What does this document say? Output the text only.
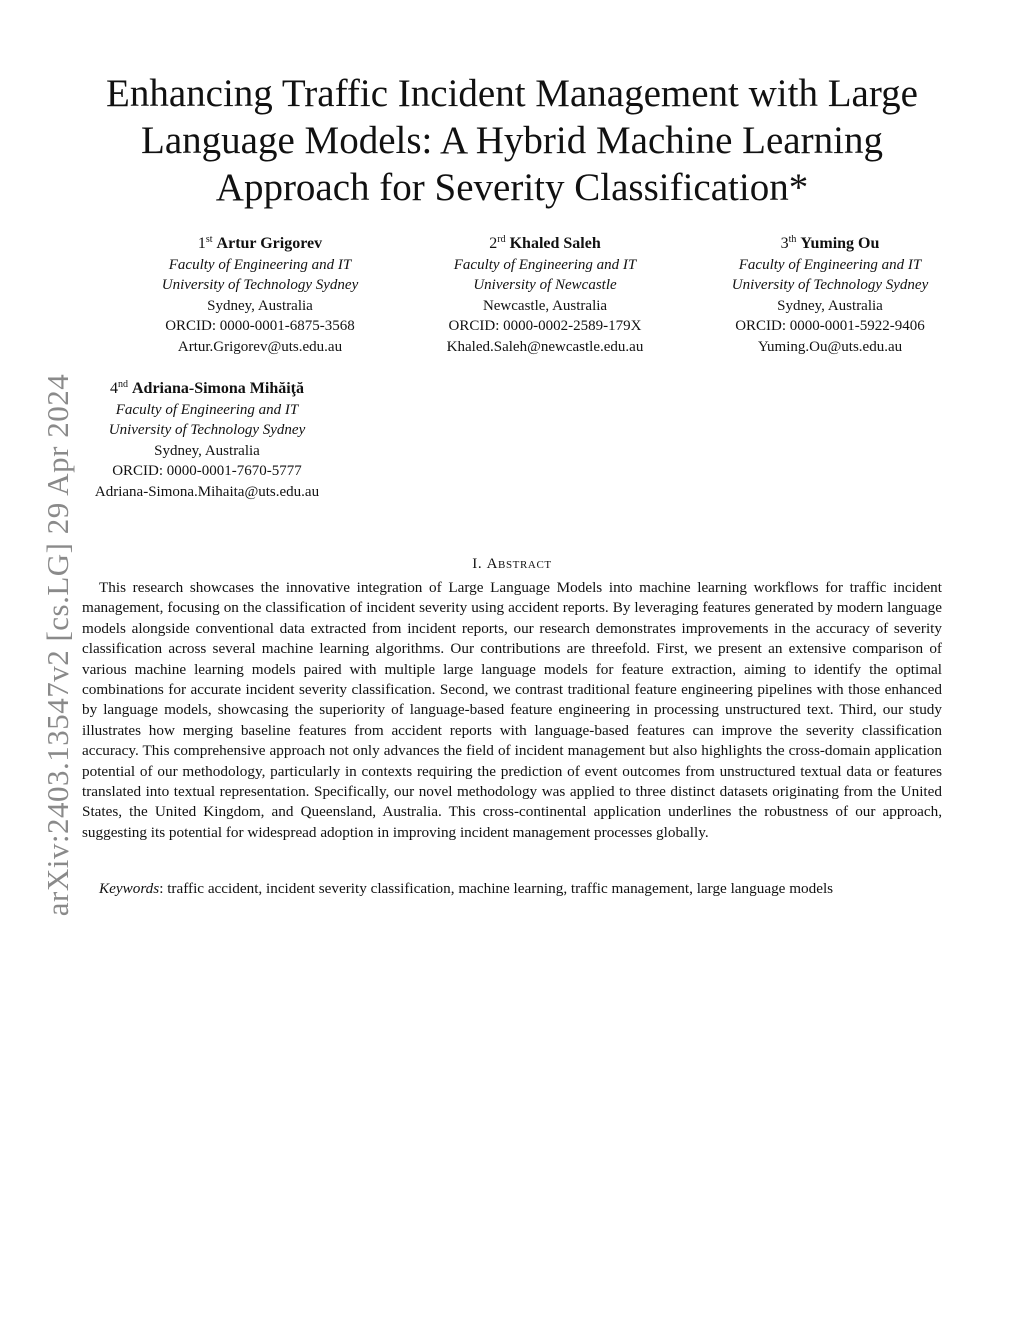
arXiv:2403.13547v2 [cs.LG] 29 Apr 2024
Enhancing Traffic Incident Management with Large
Language Models: A Hybrid Machine Learning
Approach for Severity Classification*
1st Artur Grigorev
Faculty of Engineering and IT
University of Technology Sydney
Sydney, Australia
ORCID: 0000-0001-6875-3568
Artur.Grigorev@uts.edu.au
2rd Khaled Saleh
Faculty of Engineering and IT
University of Newcastle
Newcastle, Australia
ORCID: 0000-0002-2589-179X
Khaled.Saleh@newcastle.edu.au
3th Yuming Ou
Faculty of Engineering and IT
University of Technology Sydney
Sydney, Australia
ORCID: 0000-0001-5922-9406
Yuming.Ou@uts.edu.au
4nd Adriana-Simona Mihăiţă
Faculty of Engineering and IT
University of Technology Sydney
Sydney, Australia
ORCID: 0000-0001-7670-5777
Adriana-Simona.Mihaita@uts.edu.au
I. Abstract

This research showcases the innovative integration of Large Language Models into machine learning workflows for traffic incident management, focusing on the classification of incident severity using accident reports. By leveraging features generated by modern language models alongside conventional data extracted from incident reports, our research demonstrates improvements in the accuracy of severity classification across several machine learning algorithms. Our contributions are threefold. First, we present an extensive comparison of various machine learning models paired with multiple large language models for feature extraction, aiming to identify the optimal combinations for accurate incident severity classification. Second, we contrast traditional feature engineering pipelines with those enhanced by language models, showcasing the superiority of language-based feature engineering in processing unstructured text. Third, our study illustrates how merging baseline features from accident reports with language-based features can improve the severity classification accuracy. This comprehensive approach not only advances the field of incident management but also highlights the cross-domain application potential of our methodology, particularly in contexts requiring the prediction of event outcomes from unstructured textual data or features translated into textual representation. Specifically, our novel methodology was applied to three distinct datasets originating from the United States, the United Kingdom, and Queensland, Australia. This cross-continental application underlines the robustness of our approach, suggesting its potential for widespread adoption in improving incident management processes globally.

Keywords: traffic accident, incident severity classification, machine learning, traffic management, large language models
